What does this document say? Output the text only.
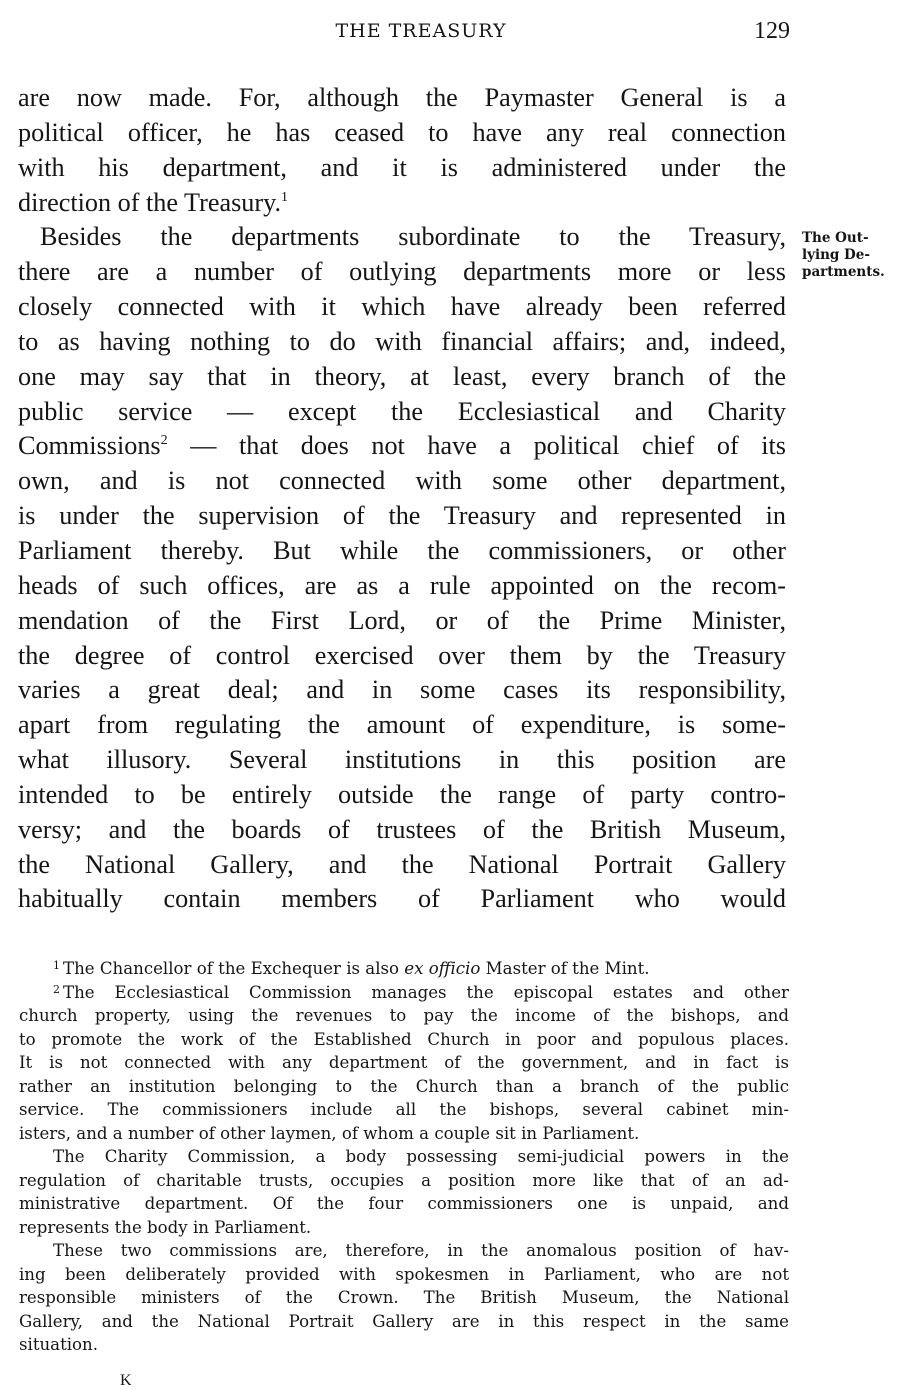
THE TREASURY	129
are now made. For, although the Paymaster General is a
political officer, he has ceased to have any real connection
with his department, and it is administered under the
direction of the Treasury.$^1$
Besides the departments subordinate to the Treasury,
there are a number of outlying departments more or less
closely connected with it which have already been referred
to as having nothing to do with financial affairs; and, indeed,
one may say that in theory, at least, every branch of the
public service — except the Ecclesiastical and Charity
Commissions$^2$ — that does not have a political chief of its
own, and is not connected with some other department,
is under the supervision of the Treasury and represented in
Parliament thereby. But while the commissioners, or other
heads of such offices, are as a rule appointed on the recom-
mendation of the First Lord, or of the Prime Minister,
the degree of control exercised over them by the Treasury
varies a great deal; and in some cases its responsibility,
apart from regulating the amount of expenditure, is some-
what illusory. Several institutions in this position are
intended to be entirely outside the range of party contro-
versy; and the boards of trustees of the British Museum,
the National Gallery, and the National Portrait Gallery
habitually contain members of Parliament who would
The Out-
lying De-
partments.
$^1$ The Chancellor of the Exchequer is also ex officio Master of the Mint.
$^2$ The Ecclesiastical Commission manages the episcopal estates and other
church property, using the revenues to pay the income of the bishops, and
to promote the work of the Established Church in poor and populous places.
It is not connected with any department of the government, and in fact is
rather an institution belonging to the Church than a branch of the public
service. The commissioners include all the bishops, several cabinet min-
isters, and a number of other laymen, of whom a couple sit in Parliament.
The Charity Commission, a body possessing semi-judicial powers in the
regulation of charitable trusts, occupies a position more like that of an ad-
ministrative department. Of the four commissioners one is unpaid, and
represents the body in Parliament.
These two commissions are, therefore, in the anomalous position of hav-
ing been deliberately provided with spokesmen in Parliament, who are not
responsible ministers of the Crown. The British Museum, the National
Gallery, and the National Portrait Gallery are in this respect in the same
situation.
K
